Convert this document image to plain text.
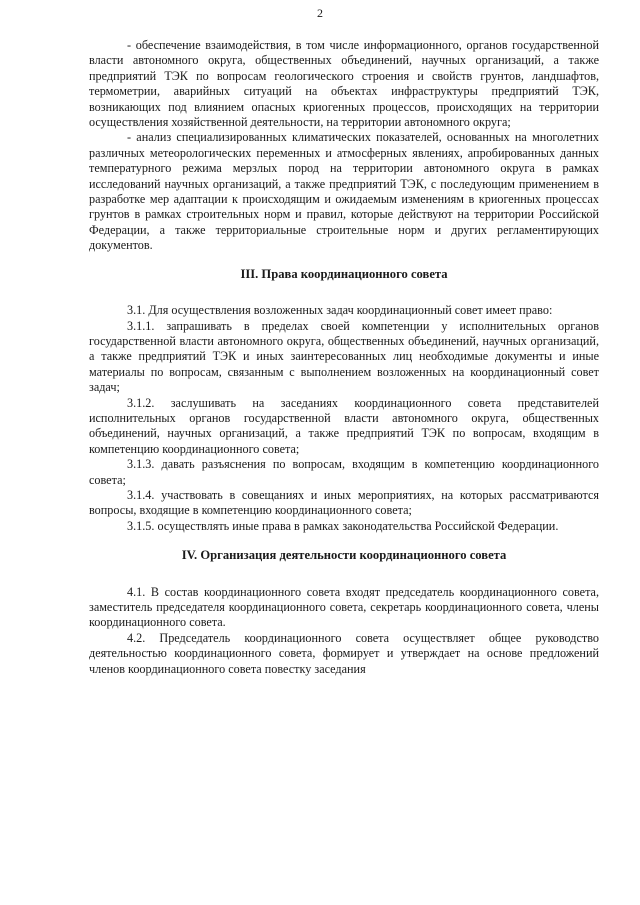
2

- обеспечение взаимодействия, в том числе информационного, органов государственной власти автономного округа, общественных объединений, научных организаций, а также предприятий ТЭК по вопросам геологического строения и свойств грунтов, ландшафтов, термометрии, аварийных ситуаций на объектах инфраструктуры предприятий ТЭК, возникающих под влиянием опасных криогенных процессов, происходящих на территории осуществления хозяйственной деятельности, на территории автономного округа;

- анализ специализированных климатических показателей, основанных на многолетних различных метеорологических переменных и атмосферных явлениях, апробированных данных температурного режима мерзлых пород на территории автономного округа в рамках исследований научных организаций, а также предприятий ТЭК, с последующим применением в разработке мер адаптации к происходящим и ожидаемым изменениям в криогенных процессах грунтов в рамках строительных норм и правил, которые действуют на территории Российской Федерации, а также территориальные строительные норм и других регламентирующих документов.

III. Права координационного совета

3.1. Для осуществления возложенных задач координационный совет имеет право:

3.1.1. запрашивать в пределах своей компетенции у исполнительных органов государственной власти автономного округа, общественных объединений, научных организаций, а также предприятий ТЭК и иных заинтересованных лиц необходимые документы и иные материалы по вопросам, связанным с выполнением возложенных на координационный совет задач;

3.1.2. заслушивать на заседаниях координационного совета представителей исполнительных органов государственной власти автономного округа, общественных объединений, научных организаций, а также предприятий ТЭК по вопросам, входящим в компетенцию координационного совета;

3.1.3. давать разъяснения по вопросам, входящим в компетенцию координационного совета;

3.1.4. участвовать в совещаниях и иных мероприятиях, на которых рассматриваются вопросы, входящие в компетенцию координационного совета;

3.1.5. осуществлять иные права в рамках законодательства Российской Федерации.

IV. Организация деятельности координационного совета

4.1. В состав координационного совета входят председатель координационного совета, заместитель председателя координационного совета, секретарь координационного совета, члены координационного совета.

4.2. Председатель координационного совета осуществляет общее руководство деятельностью координационного совета, формирует и утверждает на основе предложений членов координационного совета повестку заседания
